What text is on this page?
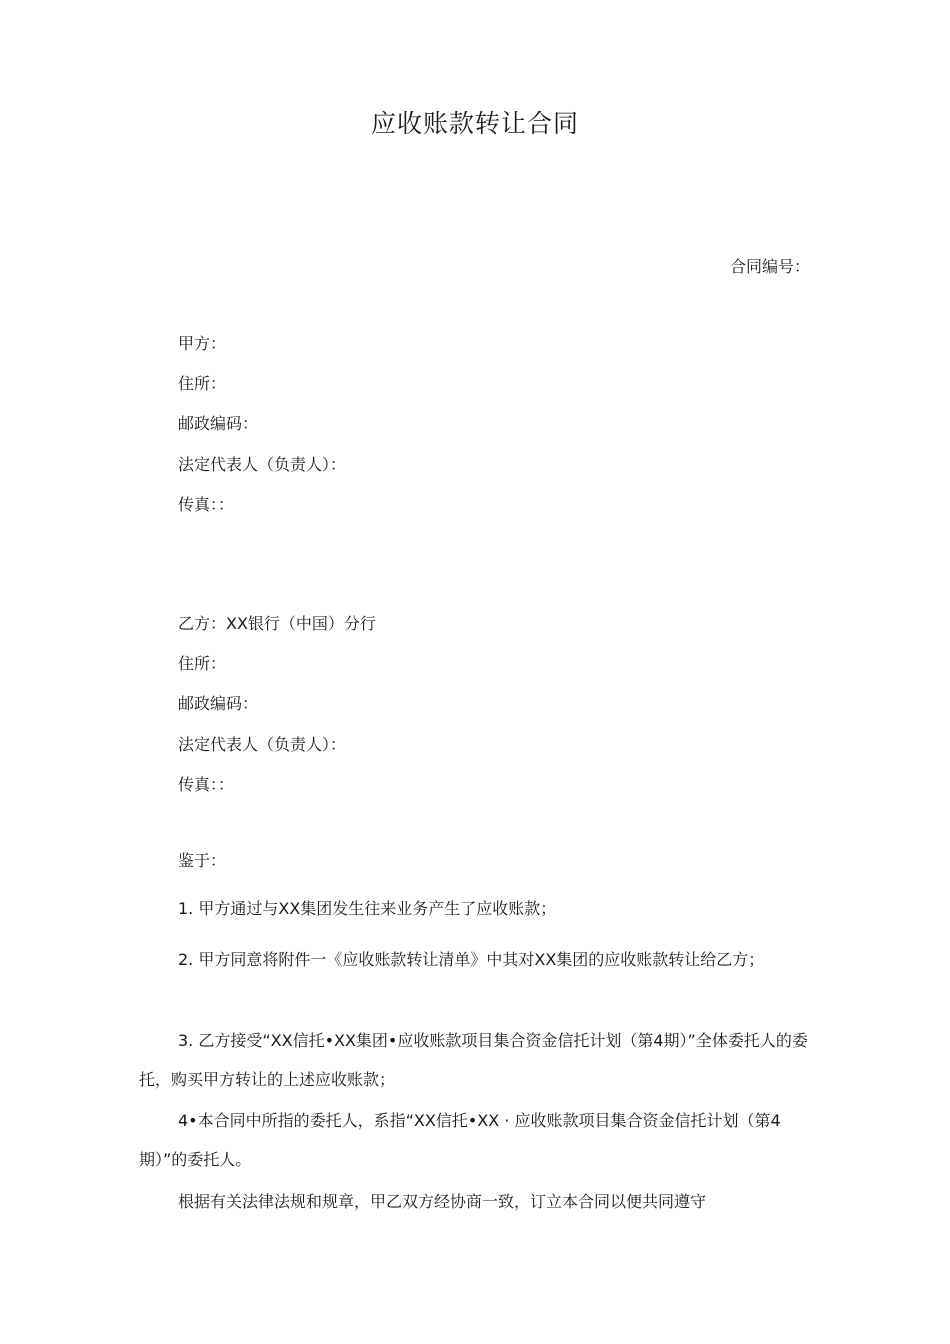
应收账款转让合同
合同编号：
甲方：
住所：
邮政编码：
法定代表人（负责人）：
传真：：
乙方：XX银行（中国）分行
住所：
邮政编码：
法定代表人（负责人）：
传真：：
鉴于：
1. 甲方通过与XX集团发生往来业务产生了应收账款；
2. 甲方同意将附件一《应收账款转让清单》中其对XX集团的应收账款转让给乙方；
3. 乙方接受“XX信托•XX集团•应收账款项目集合资金信托计划（第4期）”全体委托人的委托，购买甲方转让的上述应收账款；
4•本合同中所指的委托人，系指“XX信托•XX · 应收账款项目集合资金信托计划（第4期）”的委托人。
根据有关法律法规和规章，甲乙双方经协商一致，订立本合同以便共同遵守
